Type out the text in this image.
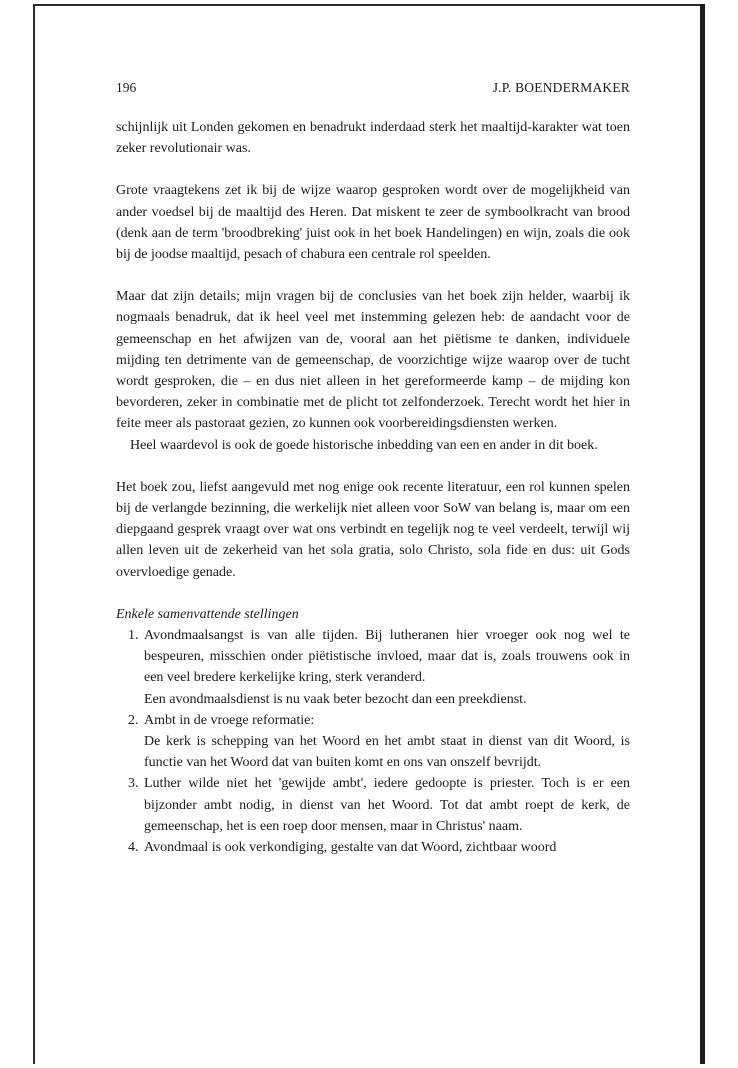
196	J.P. BOENDERMAKER

schijnlijk uit Londen gekomen en benadrukt inderdaad sterk het maaltijd-karakter wat toen zeker revolutionair was.

Grote vraagtekens zet ik bij de wijze waarop gesproken wordt over de mogelijkheid van ander voedsel bij de maaltijd des Heren. Dat miskent te zeer de symboolkracht van brood (denk aan de term 'broodbreking' juist ook in het boek Handelingen) en wijn, zoals die ook bij de joodse maaltijd, pesach of chabura een centrale rol speelden.

Maar dat zijn details; mijn vragen bij de conclusies van het boek zijn helder, waarbij ik nogmaals benadruk, dat ik heel veel met instemming gelezen heb: de aandacht voor de gemeenschap en het afwijzen van de, vooral aan het piëtisme te danken, individuele mijding ten detrimente van de gemeenschap, de voorzichtige wijze waarop over de tucht wordt gesproken, die – en dus niet alleen in het gereformeerde kamp – de mijding kon bevorderen, zeker in combinatie met de plicht tot zelfonderzoek. Terecht wordt het hier in feite meer als pastoraat gezien, zo kunnen ook voorbereidingsdiensten werken.

Heel waardevol is ook de goede historische inbedding van een en ander in dit boek.

Het boek zou, liefst aangevuld met nog enige ook recente literatuur, een rol kunnen spelen bij de verlangde bezinning, die werkelijk niet alleen voor SoW van belang is, maar om een diepgaand gesprek vraagt over wat ons verbindt en tegelijk nog te veel verdeelt, terwijl wij allen leven uit de zekerheid van het sola gratia, solo Christo, sola fide en dus: uit Gods overvloedige genade.

Enkele samenvattende stellingen

1. Avondmaalsangst is van alle tijden. Bij lutheranen hier vroeger ook nog wel te bespeuren, misschien onder piëtistische invloed, maar dat is, zoals trouwens ook in een veel bredere kerkelijke kring, sterk veranderd.
Een avondmaalsdienst is nu vaak beter bezocht dan een preekdienst.
2. Ambt in de vroege reformatie:
De kerk is schepping van het Woord en het ambt staat in dienst van dit Woord, is functie van het Woord dat van buiten komt en ons van onszelf bevrijdt.
3. Luther wilde niet het 'gewijde ambt', iedere gedoopte is priester. Toch is er een bijzonder ambt nodig, in dienst van het Woord. Tot dat ambt roept de kerk, de gemeenschap, het is een roep door mensen, maar in Christus' naam.
4. Avondmaal is ook verkondiging, gestalte van dat Woord, zichtbaar woord
